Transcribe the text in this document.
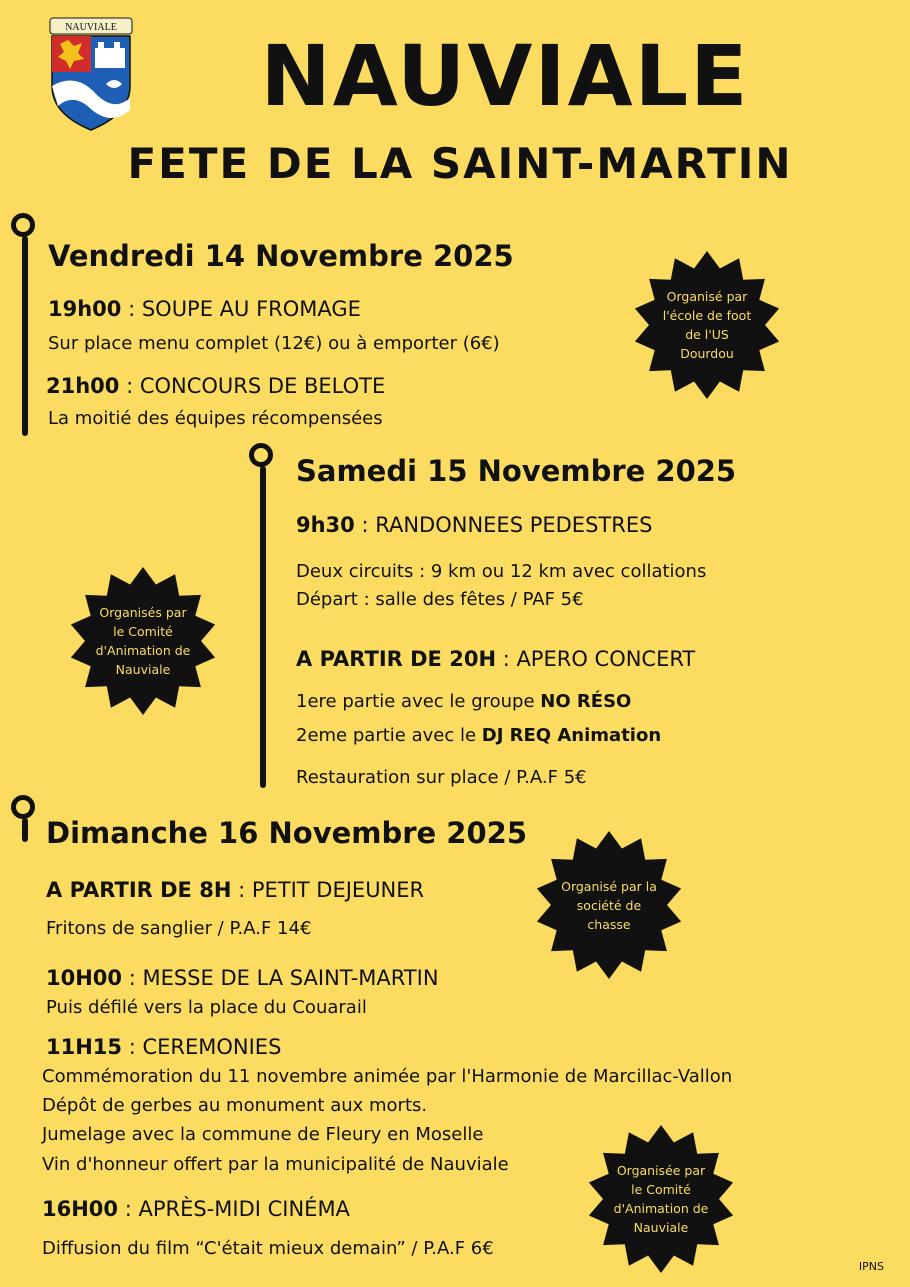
NAUVIALE	NAUVIALE
FETE DE LA SAINT-MARTIN
Vendredi 14 Novembre 2025
19h00 : SOUPE AU FROMAGE
Sur place menu complet (12€) ou à emporter (6€)
21h00 : CONCOURS DE BELOTE
La moitié des équipes récompensées
Organisé par l'école de foot de l'US Dourdou
Samedi 15 Novembre 2025
9h30 : RANDONNEES PEDESTRES
Deux circuits : 9 km ou 12 km avec collations
Départ : salle des fêtes / PAF 5€
A PARTIR DE 20H : APERO CONCERT
1ere partie avec le groupe NO RÉSO
2eme partie avec le DJ REQ Animation
Restauration sur place / P.A.F 5€
Organisés par le Comité d'Animation de Nauviale
Dimanche 16 Novembre 2025
A PARTIR DE 8H : PETIT DEJEUNER
Fritons de sanglier / P.A.F 14€
10H00 : MESSE DE LA SAINT-MARTIN
Puis défilé vers la place du Couarail
11H15 : CEREMONIES
Commémoration du 11 novembre animée par l'Harmonie de Marcillac-Vallon
Dépôt de gerbes au monument aux morts.
Jumelage avec la commune de Fleury en Moselle
Vin d'honneur offert par la municipalité de Nauviale
16H00 : APRÈS-MIDI CINÉMA
Diffusion du film “C'était mieux demain” / P.A.F 6€
Organisé par la société de chasse
Organisée par le Comité d'Animation de Nauviale
IPNS
